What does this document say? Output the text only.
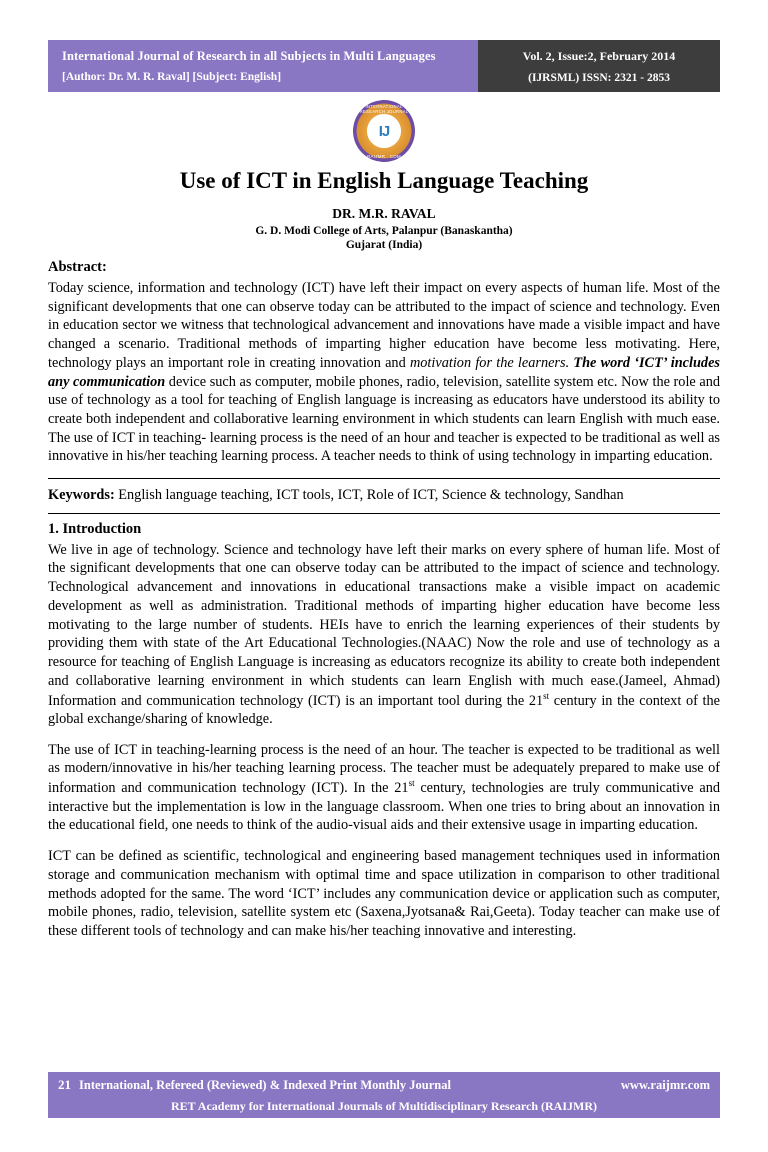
International Journal of Research in all Subjects in Multi Languages
[Author: Dr. M. R. Raval] [Subject: English]
Vol. 2, Issue:2, February 2014
(IJRSML) ISSN: 2321 - 2853
INTERNATIONAL RESEARCH JOURNAL
IJ
RAIJMR . COM
Use of ICT in English Language Teaching
DR. M.R. RAVAL
G. D. Modi College of Arts, Palanpur (Banaskantha)
Gujarat (India)
Abstract:

Today science, information and technology (ICT) have left their impact on every aspects of human life. Most of the significant developments that one can observe today can be attributed to the impact of science and technology. Even in education sector we witness that technological advancement and innovations have made a visible impact and have changed a scenario. Traditional methods of imparting higher education have become less motivating. Here, technology plays an important role in creating innovation and motivation for the learners. The word ‘ICT’ includes any communication device such as computer, mobile phones, radio, television, satellite system etc. Now the role and use of technology as a tool for teaching of English language is increasing as educators have understood its ability to create both independent and collaborative learning environment in which students can learn English with much ease. The use of ICT in teaching- learning process is the need of an hour and teacher is expected to be traditional as well as innovative in his/her teaching learning process. A teacher needs to think of using technology in imparting education.

Keywords: English language teaching, ICT tools, ICT, Role of ICT, Science & technology, Sandhan

1. Introduction

We live in age of technology. Science and technology have left their marks on every sphere of human life. Most of the significant developments that one can observe today can be attributed to the impact of science and technology. Technological advancement and innovations in educational transactions make a visible impact on academic development as well as administration. Traditional methods of imparting higher education have become less motivating to the large number of students. HEIs have to enrich the learning experiences of their students by providing them with state of the Art Educational Technologies.(NAAC) Now the role and use of technology as a resource for teaching of English Language is increasing as educators recognize its ability to create both independent and collaborative learning environment in which students can learn English with much ease.(Jameel, Ahmad) Information and communication technology (ICT) is an important tool during the 21st century in the context of the global exchange/sharing of knowledge.

The use of ICT in teaching-learning process is the need of an hour. The teacher is expected to be traditional as well as modern/innovative in his/her teaching learning process. The teacher must be adequately prepared to make use of information and communication technology (ICT). In the 21st century, technologies are truly communicative and interactive but the implementation is low in the language classroom. When one tries to bring about an innovation in the educational field, one needs to think of the audio-visual aids and their extensive usage in imparting education.

ICT can be defined as scientific, technological and engineering based management techniques used in information storage and communication mechanism with optimal time and space utilization in comparison to other traditional methods adopted for the same. The word ‘ICT’ includes any communication device or application such as computer, mobile phones, radio, television, satellite system etc (Saxena,Jyotsana& Rai,Geeta). Today teacher can make use of these different tools of technology and can make his/her teaching innovative and interesting.

21 International, Refereed (Reviewed) & Indexed Print Monthly Journal	www.raijmr.com
RET Academy for International Journals of Multidisciplinary Research (RAIJMR)
